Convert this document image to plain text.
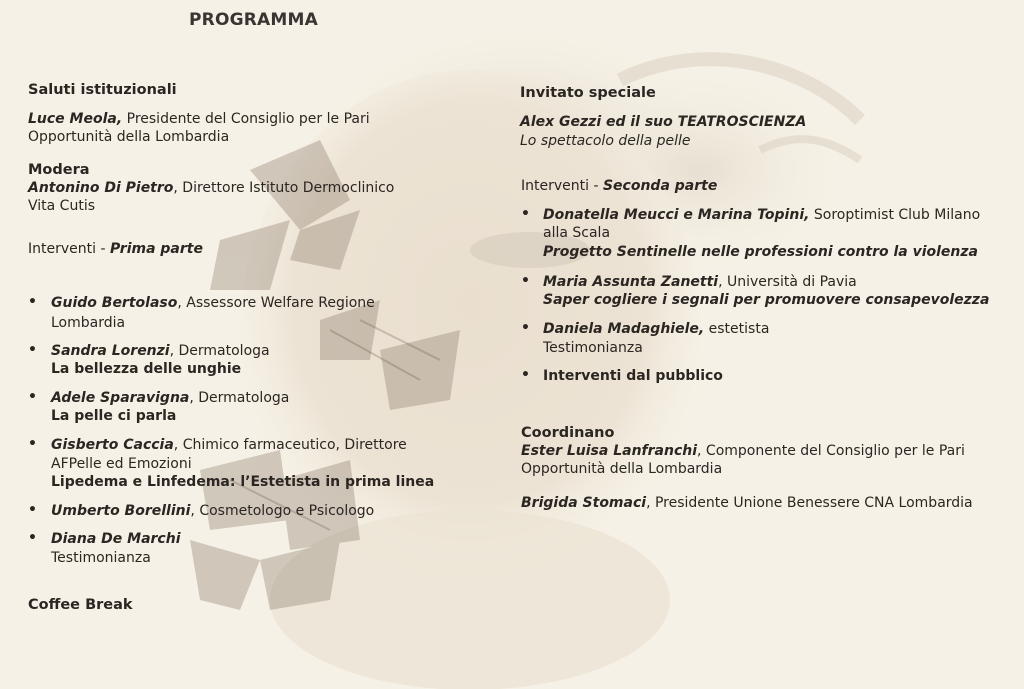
PROGRAMMA
Saluti istituzionali
Luce Meola, Presidente del Consiglio per le Pari
Opportunità della Lombardia
Modera
Antonino Di Pietro, Direttore Istituto Dermoclinico
Vita Cutis
Interventi - Prima parte
• Guido Bertolaso, Assessore Welfare Regione
Lombardia
• Sandra Lorenzi, Dermatologa
La bellezza delle unghie
• Adele Sparavigna, Dermatologa
La pelle ci parla
• Gisberto Caccia, Chimico farmaceutico, Direttore
AFPelle ed Emozioni
Lipedema e Linfedema: l’Estetista in prima linea
• Umberto Borellini, Cosmetologo e Psicologo
• Diana De Marchi
Testimonianza
Coffee Break
Invitato speciale
Alex Gezzi ed il suo TEATROSCIENZA
Lo spettacolo della pelle
Interventi - Seconda parte
• Donatella Meucci e Marina Topini, Soroptimist Club Milano
alla Scala
Progetto Sentinelle nelle professioni contro la violenza
• Maria Assunta Zanetti, Università di Pavia
Saper cogliere i segnali per promuovere consapevolezza
• Daniela Madaghiele, estetista
Testimonianza
• Interventi dal pubblico
Coordinano
Ester Luisa Lanfranchi, Componente del Consiglio per le Pari
Opportunità della Lombardia
Brigida Stomaci, Presidente Unione Benessere CNA Lombardia
